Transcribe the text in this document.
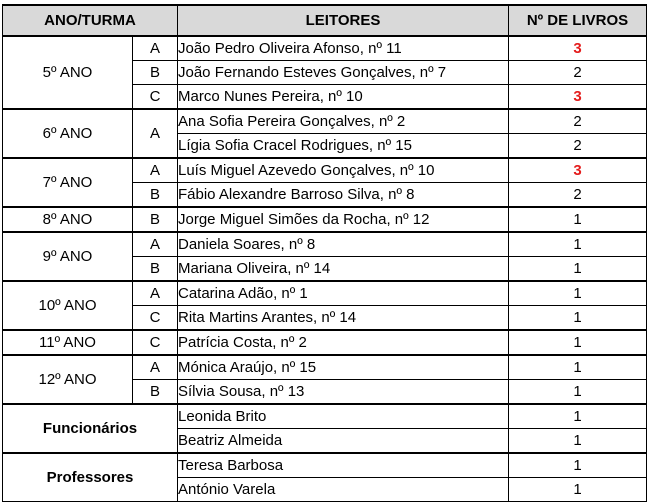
ANO/TURMA		LEITORES	Nº DE LIVROS
5º ANO	A	João Pedro Oliveira Afonso, nº 11	3
	B	João Fernando Esteves Gonçalves, nº 7	2
	C	Marco Nunes Pereira, nº 10	3
6º ANO	A	Ana Sofia Pereira Gonçalves, nº 2	2
		Lígia Sofia Cracel Rodrigues, nº 15	2
7º ANO	A	Luís Miguel Azevedo Gonçalves, nº 10	3
	B	Fábio Alexandre Barroso Silva, nº 8	2
8º ANO	B	Jorge Miguel Simões da Rocha, nº 12	1
9º ANO	A	Daniela Soares, nº 8	1
	B	Mariana Oliveira, nº 14	1
10º ANO	A	Catarina Adão, nº 1	1
	C	Rita Martins Arantes, nº 14	1
11º ANO	C	Patrícia Costa, nº 2	1
12º ANO	A	Mónica Araújo, nº 15	1
	B	Sílvia Sousa, nº 13	1
Funcionários		Leonida Brito	1
		Beatriz Almeida	1
Professores		Teresa Barbosa	1
		António Varela	1
